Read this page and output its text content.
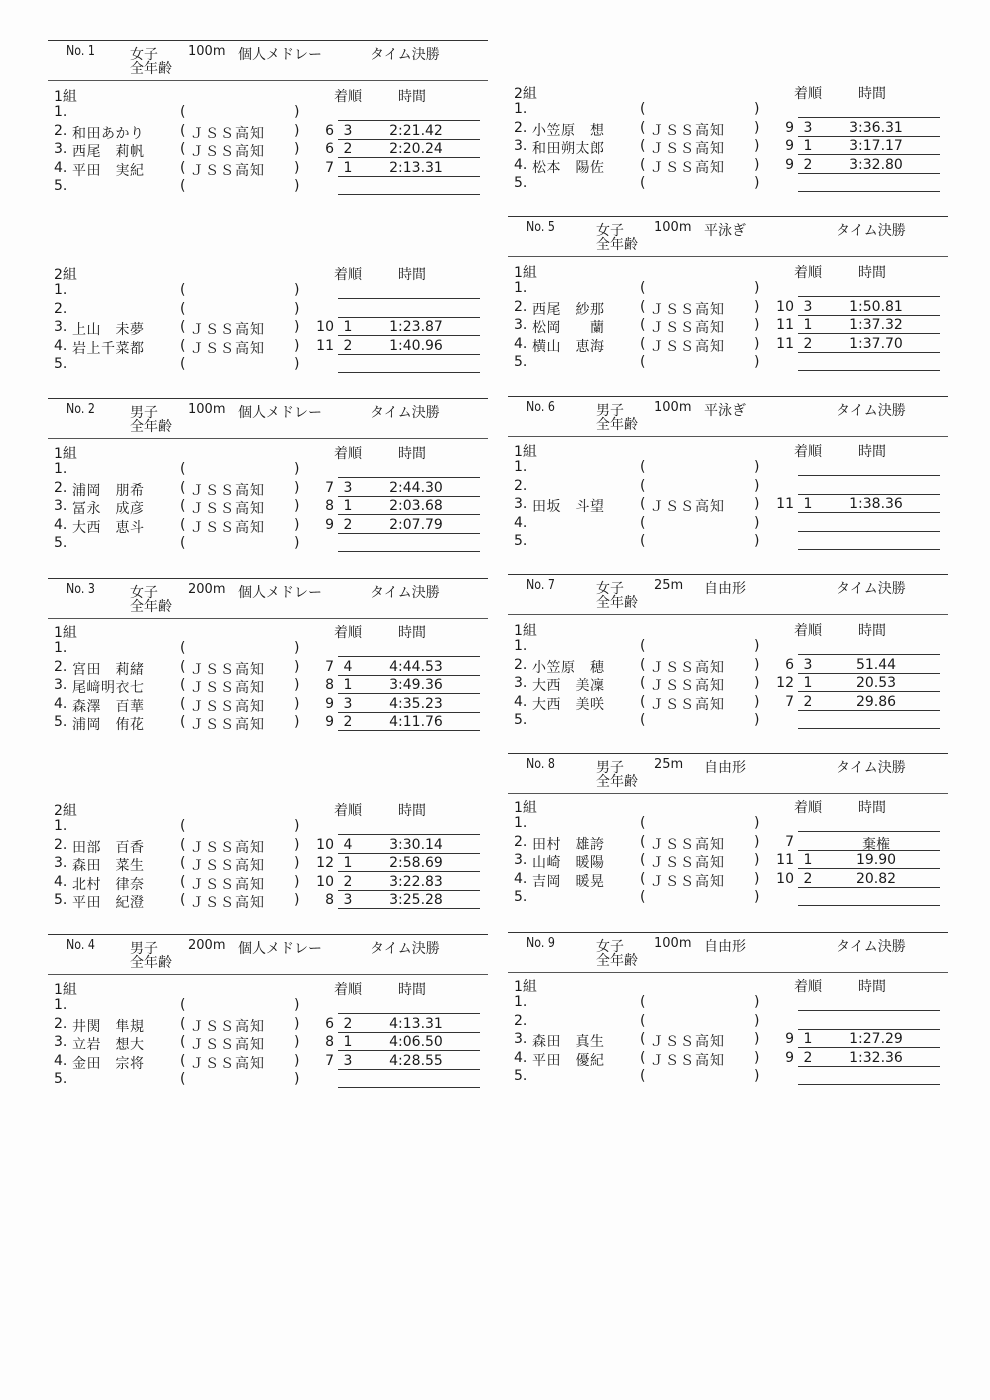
No. 1	女子 100m 個人メドレー	タイム決勝
全年齢
1組	着順	時間
1.	(	)
2. 和田あかり	( ＪＳＳ高知 )	6 3	2:21.42
3. 西尾　莉帆	( ＪＳＳ高知 )	6 2	2:20.24
4. 平田　実紀	( ＪＳＳ高知 )	7 1	2:13.31
5.	(	)
2組	着順	時間
1.	(	)
2.	(	)
3. 上山　未夢	( ＪＳＳ高知 )	10 1	1:23.87
4. 岩上千菜都	( ＪＳＳ高知 )	11 2	1:40.96
5.	(	)
No. 2	男子 100m 個人メドレー	タイム決勝
全年齢
1組	着順	時間
1.	(	)
2. 浦岡　朋希	( ＪＳＳ高知 )	7 3	2:44.30
3. 冨永　成彦	( ＪＳＳ高知 )	8 1	2:03.68
4. 大西　恵斗	( ＪＳＳ高知 )	9 2	2:07.79
5.	(	)
No. 3	女子 200m 個人メドレー	タイム決勝
全年齢
1組	着順	時間
1.	(	)
2. 宮田　莉緒	( ＪＳＳ高知 )	7 4	4:44.53
3. 尾﨑明衣七	( ＪＳＳ高知 )	8 1	3:49.36
4. 森澤　百華	( ＪＳＳ高知 )	9 3	4:35.23
5. 浦岡　侑花	( ＪＳＳ高知 )	9 2	4:11.76
2組	着順	時間
1.	(	)
2. 田部　百香	( ＪＳＳ高知 )	10 4	3:30.14
3. 森田　菜生	( ＪＳＳ高知 )	12 1	2:58.69
4. 北村　律奈	( ＪＳＳ高知 )	10 2	3:22.83
5. 平田　紀澄	( ＪＳＳ高知 )	8 3	3:25.28
No. 4	男子 200m 個人メドレー	タイム決勝
全年齢
1組	着順	時間
1.	(	)
2. 井関　隼規	( ＪＳＳ高知 )	6 2	4:13.31
3. 立岩　想大	( ＪＳＳ高知 )	8 1	4:06.50
4. 金田　宗将	( ＪＳＳ高知 )	7 3	4:28.55
5.	(	)
2組	着順	時間
1.	(	)
2. 小笠原　想	( ＪＳＳ高知 )	9 3	3:36.31
3. 和田朔太郎	( ＪＳＳ高知 )	9 1	3:17.17
4. 松本　陽佐	( ＪＳＳ高知 )	9 2	3:32.80
5.	(	)
No. 5	女子 100m 平泳ぎ	タイム決勝
全年齢
1組	着順	時間
1.	(	)
2. 西尾　紗那	( ＪＳＳ高知 )	10 3	1:50.81
3. 松岡　　蘭	( ＪＳＳ高知 )	11 1	1:37.32
4. 横山　恵海	( ＪＳＳ高知 )	11 2	1:37.70
5.	(	)
No. 6	男子 100m 平泳ぎ	タイム決勝
全年齢
1組	着順	時間
1.	(	)
2.	(	)
3. 田坂　斗望	( ＪＳＳ高知 )	11 1	1:38.36
4.	(	)
5.	(	)
No. 7	女子 25m 自由形	タイム決勝
全年齢
1組	着順	時間
1.	(	)
2. 小笠原　穂	( ＪＳＳ高知 )	6 3	51.44
3. 大西　美凜	( ＪＳＳ高知 )	12 1	20.53
4. 大西　美咲	( ＪＳＳ高知 )	7 2	29.86
5.	(	)
No. 8	男子 25m 自由形	タイム決勝
全年齢
1組	着順	時間
1.	(	)
2. 田村　雄誇	( ＪＳＳ高知 )	7	棄権
3. 山崎　暖陽	( ＪＳＳ高知 )	11 1	19.90
4. 吉岡　暖晃	( ＪＳＳ高知 )	10 2	20.82
5.	(	)
No. 9	女子 100m 自由形	タイム決勝
全年齢
1組	着順	時間
1.	(	)
2.	(	)
3. 森田　真生	( ＪＳＳ高知 )	9 1	1:27.29
4. 平田　優紀	( ＪＳＳ高知 )	9 2	1:32.36
5.	(	)
